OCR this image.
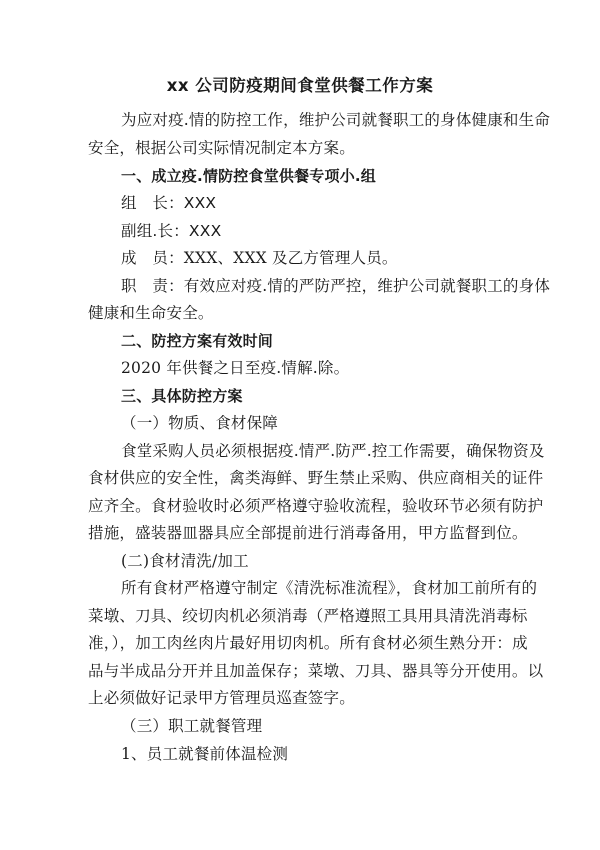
xx 公司防疫期间食堂供餐工作方案
为应对疫.情的防控工作，维护公司就餐职工的身体健康和生命
安全，根据公司实际情况制定本方案。
一、成立疫.情防控食堂供餐专项小.组
组　长：XXX
副组.长：XXX
成　员：XXX、XXX 及乙方管理人员。
职　责：有效应对疫.情的严防严控，维护公司就餐职工的身体
健康和生命安全。
二、防控方案有效时间
2020 年供餐之日至疫.情解.除。
三、具体防控方案
（一）物质、食材保障
食堂采购人员必须根据疫.情严.防严.控工作需要，确保物资及
食材供应的安全性，禽类海鲜、野生禁止采购、供应商相关的证件
应齐全。食材验收时必须严格遵守验收流程，验收环节必须有防护
措施，盛装器皿器具应全部提前进行消毒备用，甲方监督到位。
(二)食材清洗/加工
所有食材严格遵守制定《清洗标准流程》，食材加工前所有的
菜墩、刀具、绞切肉机必须消毒（严格遵照工具用具清洗消毒标
准，），加工肉丝肉片最好用切肉机。所有食材必须生熟分开：成
品与半成品分开并且加盖保存；菜墩、刀具、器具等分开使用。以
上必须做好记录甲方管理员巡查签字。
（三）职工就餐管理
1、员工就餐前体温检测
